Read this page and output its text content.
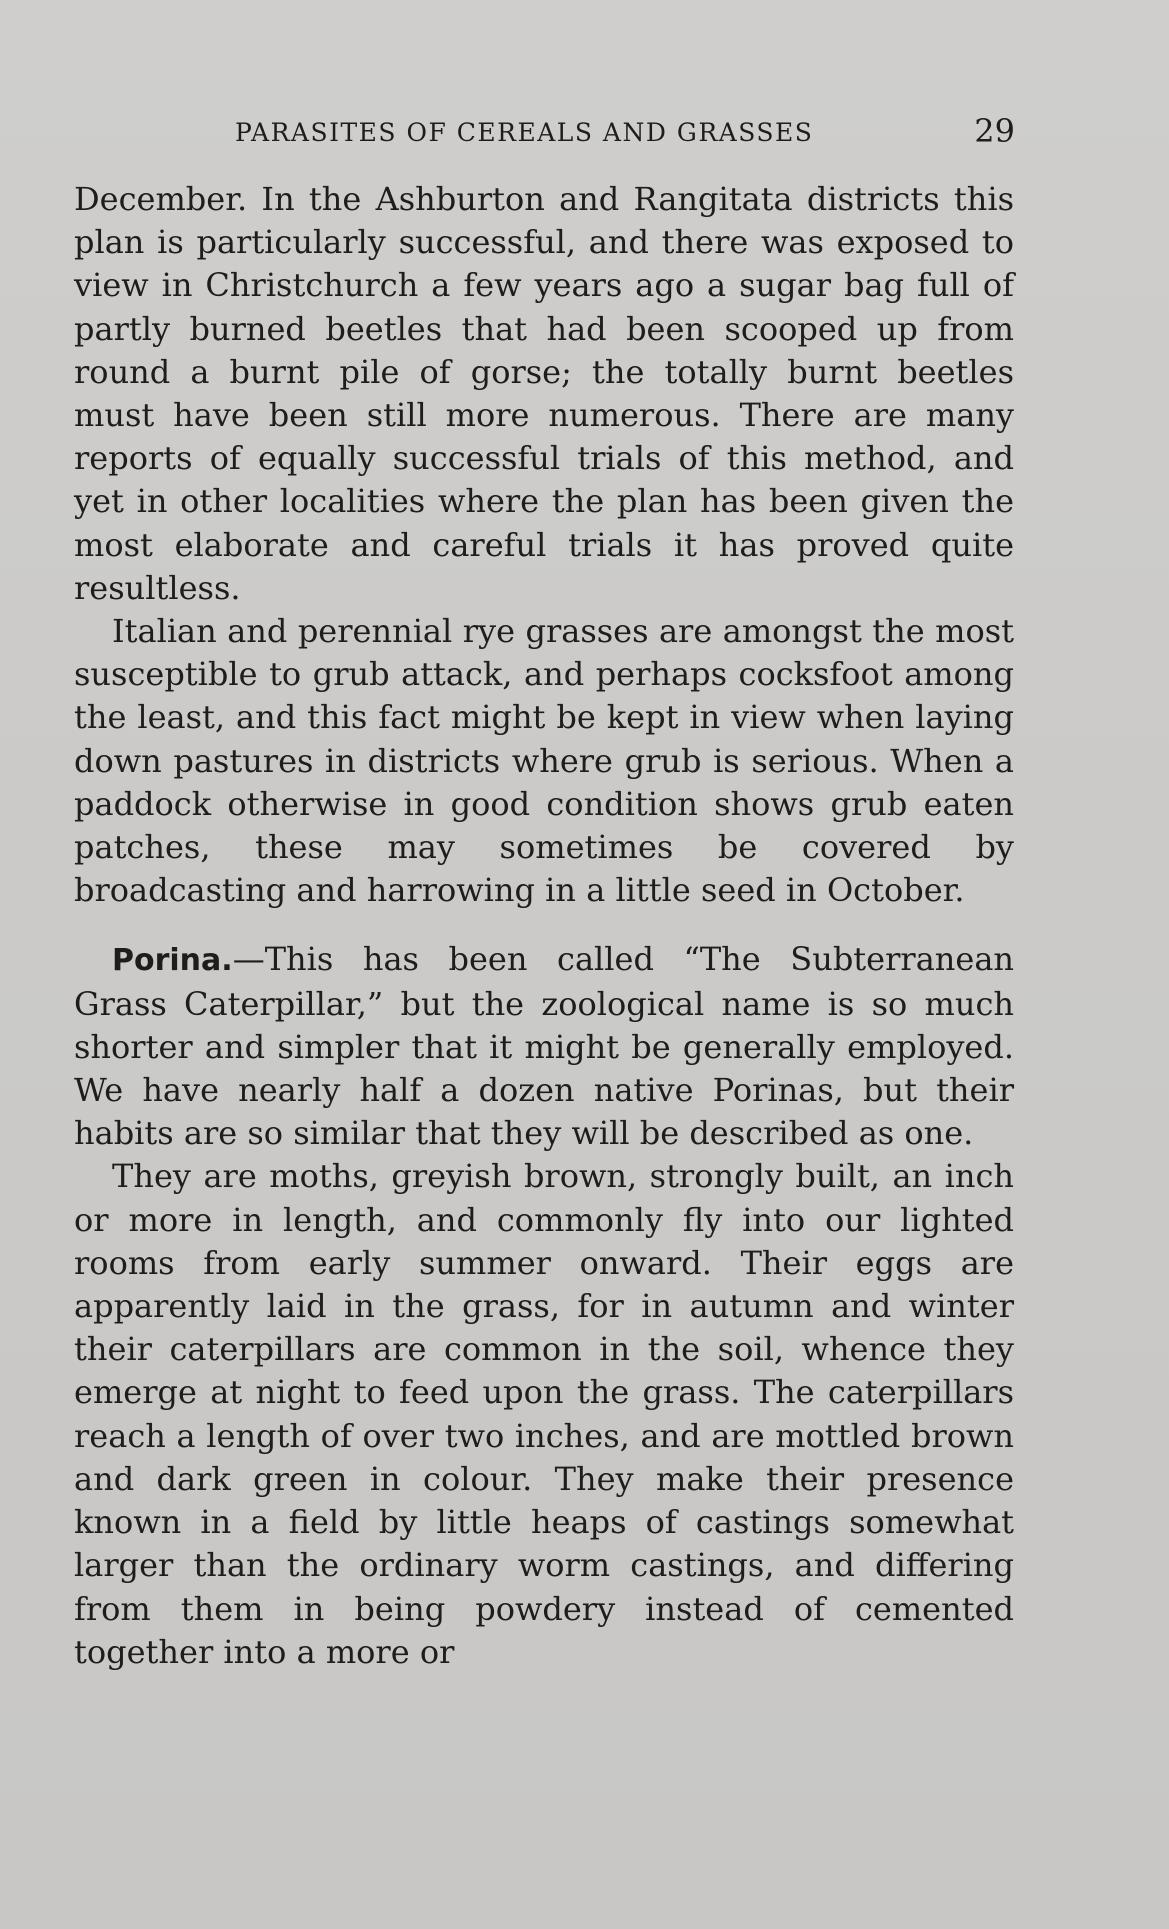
PARASITES OF CEREALS AND GRASSES	29

December. In the Ashburton and Rangitata districts this plan is particularly successful, and there was exposed to view in Christchurch a few years ago a sugar bag full of partly burned beetles that had been scooped up from round a burnt pile of gorse; the totally burnt beetles must have been still more numerous. There are many reports of equally successful trials of this method, and yet in other localities where the plan has been given the most elaborate and careful trials it has proved quite resultless.

Italian and perennial rye grasses are amongst the most susceptible to grub attack, and perhaps cocksfoot among the least, and this fact might be kept in view when laying down pastures in districts where grub is serious. When a paddock otherwise in good condition shows grub eaten patches, these may sometimes be covered by broadcasting and harrowing in a little seed in October.

Porina.—This has been called “The Subterranean Grass Caterpillar,” but the zoological name is so much shorter and simpler that it might be generally employed. We have nearly half a dozen native Porinas, but their habits are so similar that they will be described as one.

They are moths, greyish brown, strongly built, an inch or more in length, and commonly fly into our lighted rooms from early summer onward. Their eggs are apparently laid in the grass, for in autumn and winter their caterpillars are common in the soil, whence they emerge at night to feed upon the grass. The caterpillars reach a length of over two inches, and are mottled brown and dark green in colour. They make their presence known in a field by little heaps of castings somewhat larger than the ordinary worm castings, and differing from them in being powdery instead of cemented together into a more or
